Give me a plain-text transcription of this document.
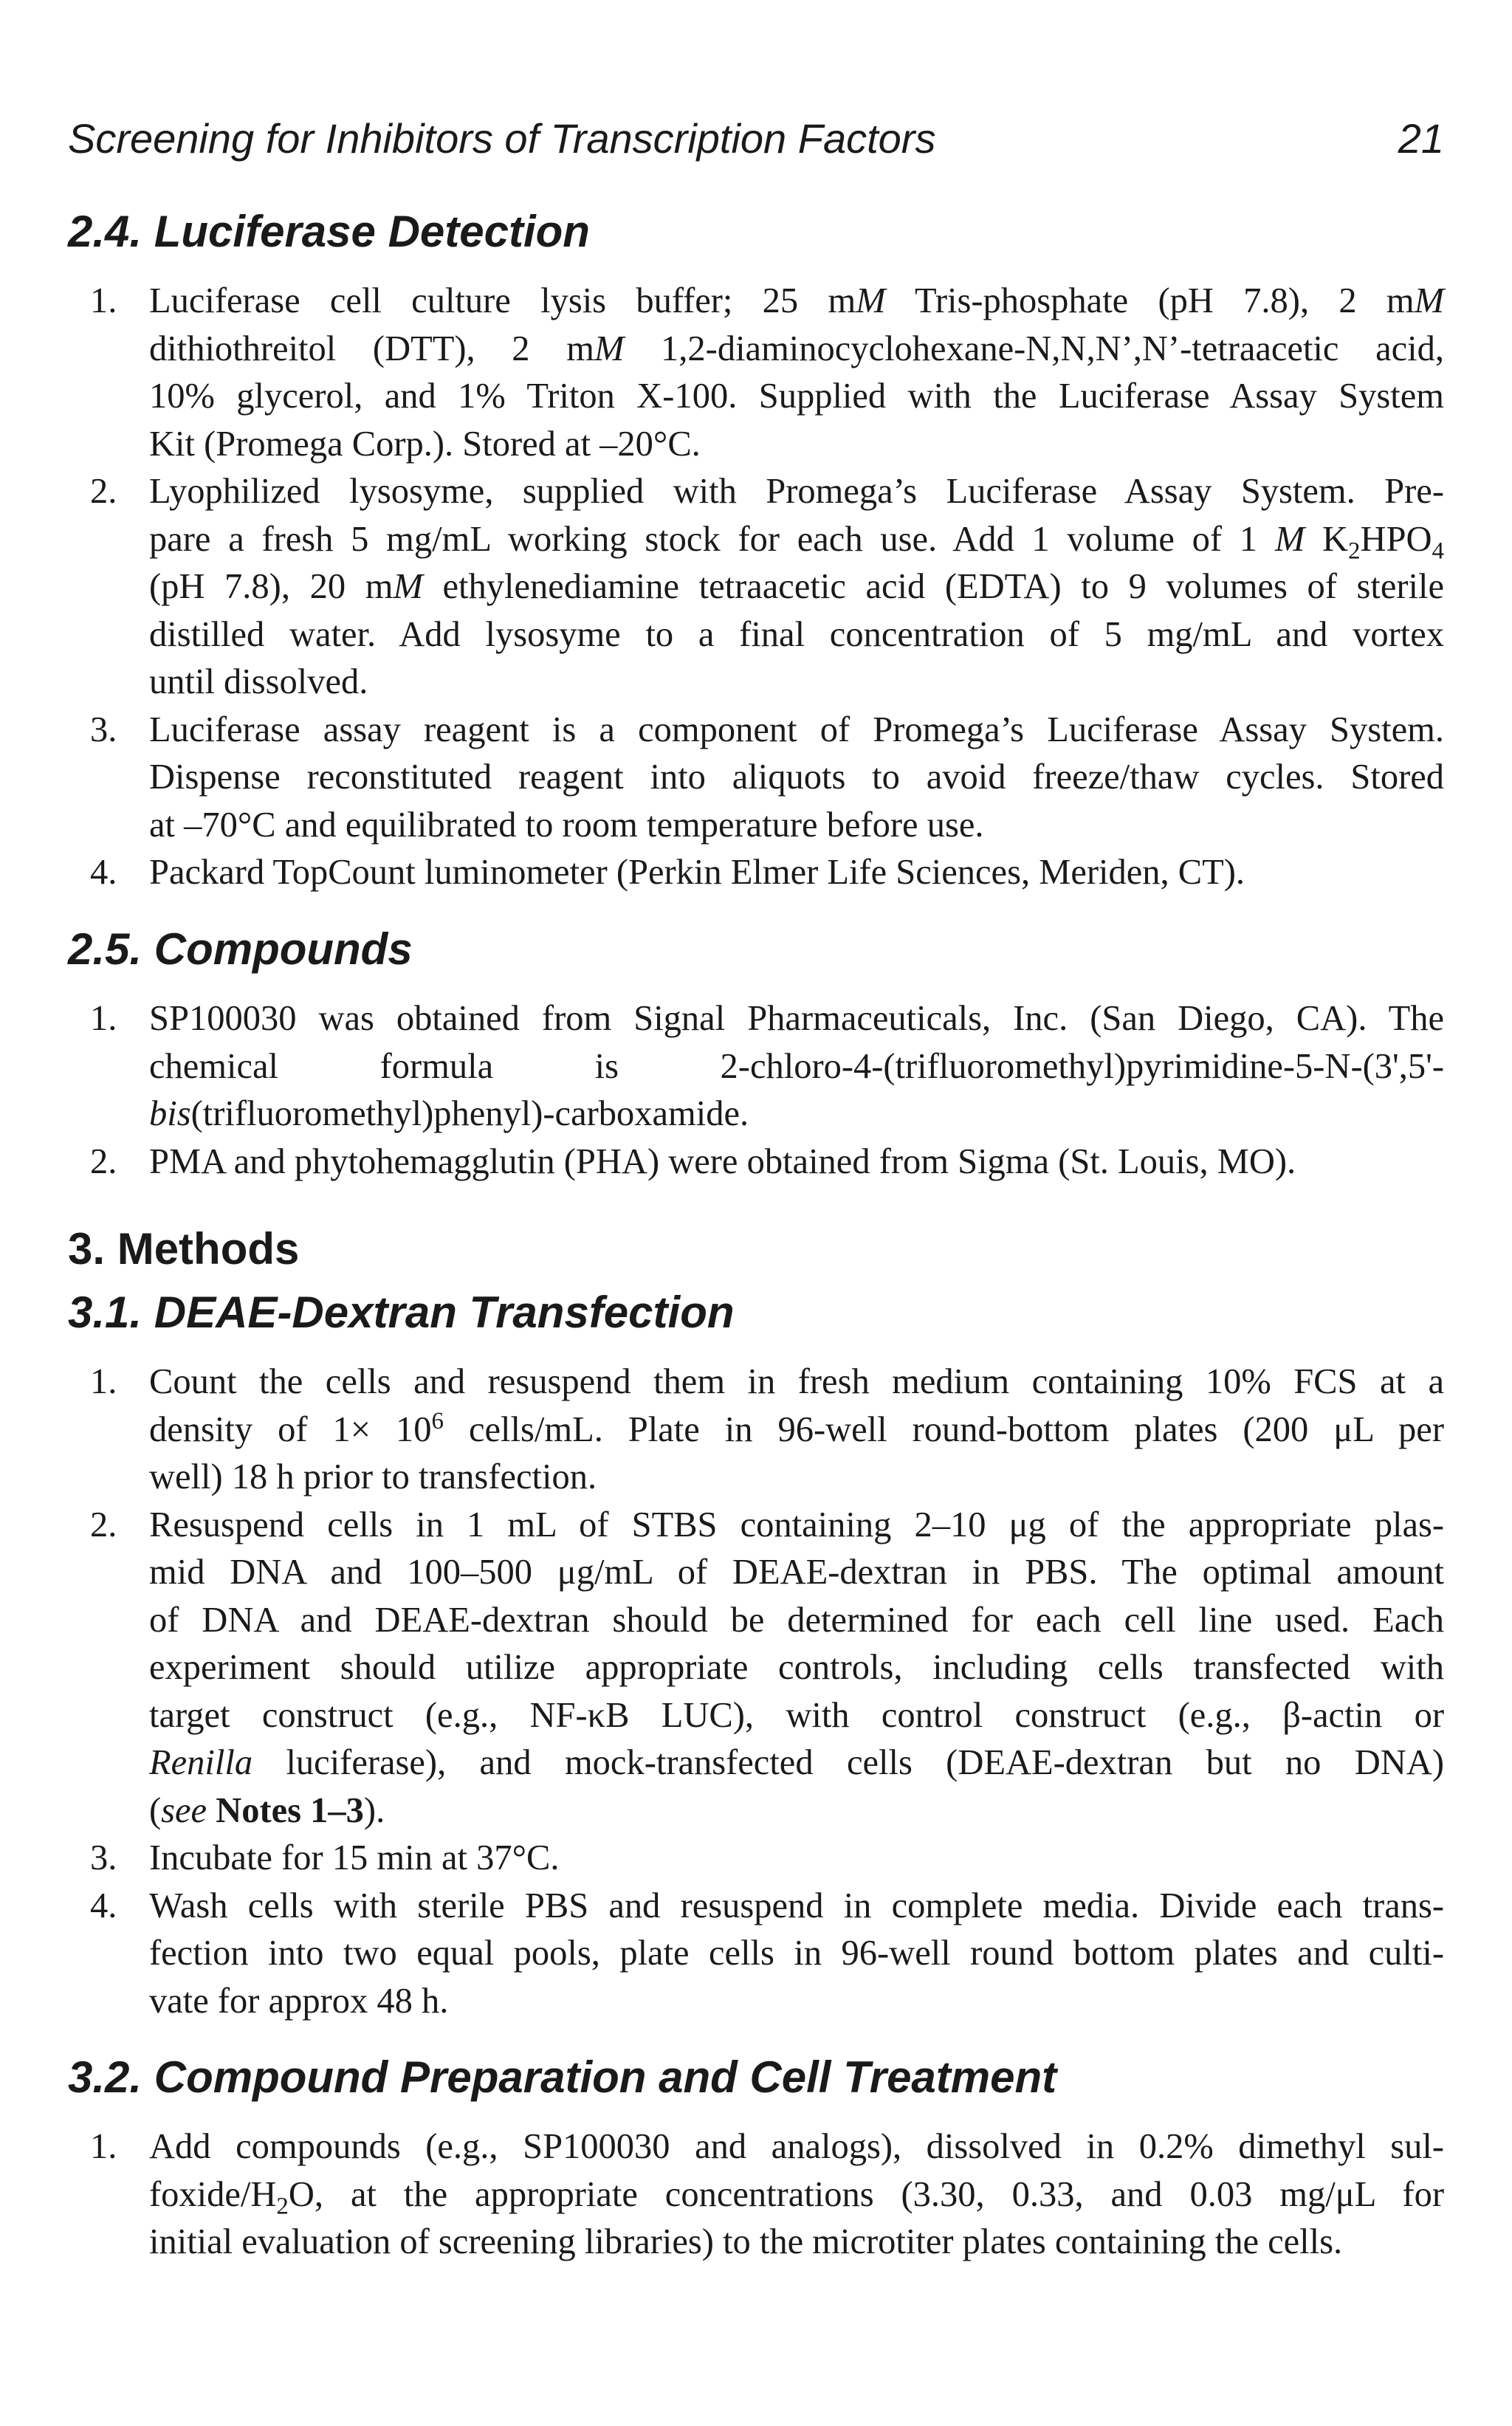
Screening for Inhibitors of Transcription Factors	21
2.4. Luciferase Detection
1. Luciferase cell culture lysis buffer; 25 mM Tris-phosphate (pH 7.8), 2 mM
dithiothreitol (DTT), 2 mM 1,2-diaminocyclohexane-N,N,N’,N’-tetraacetic acid,
10% glycerol, and 1% Triton X-100. Supplied with the Luciferase Assay System
Kit (Promega Corp.). Stored at –20°C.
2. Lyophilized lysosyme, supplied with Promega’s Luciferase Assay System. Pre-
pare a fresh 5 mg/mL working stock for each use. Add 1 volume of 1 M $K_2HPO_4$
(pH 7.8), 20 mM ethylenediamine tetraacetic acid (EDTA) to 9 volumes of sterile
distilled water. Add lysosyme to a final concentration of 5 mg/mL and vortex
until dissolved.
3. Luciferase assay reagent is a component of Promega’s Luciferase Assay System.
Dispense reconstituted reagent into aliquots to avoid freeze/thaw cycles. Stored
at –70°C and equilibrated to room temperature before use.
4. Packard TopCount luminometer (Perkin Elmer Life Sciences, Meriden, CT).
2.5. Compounds
1. SP100030 was obtained from Signal Pharmaceuticals, Inc. (San Diego, CA). The
chemical formula is 2-chloro-4-(trifluoromethyl)pyrimidine-5-N-(3',5'-
bis(trifluoromethyl)phenyl)-carboxamide.
2. PMA and phytohemagglutin (PHA) were obtained from Sigma (St. Louis, MO).
3. Methods
3.1. DEAE-Dextran Transfection
1. Count the cells and resuspend them in fresh medium containing 10% FCS at a
density of $1\times 10^6$ cells/mL. Plate in 96-well round-bottom plates (200 μL per
well) 18 h prior to transfection.
2. Resuspend cells in 1 mL of STBS containing 2–10 μg of the appropriate plas-
mid DNA and 100–500 μg/mL of DEAE-dextran in PBS. The optimal amount
of DNA and DEAE-dextran should be determined for each cell line used. Each
experiment should utilize appropriate controls, including cells transfected with
target construct (e.g., NF-κB LUC), with control construct (e.g., β-actin or
Renilla luciferase), and mock-transfected cells (DEAE-dextran but no DNA)
(see Notes 1–3).
3. Incubate for 15 min at 37°C.
4. Wash cells with sterile PBS and resuspend in complete media. Divide each trans-
fection into two equal pools, plate cells in 96-well round bottom plates and culti-
vate for approx 48 h.
3.2. Compound Preparation and Cell Treatment
1. Add compounds (e.g., SP100030 and analogs), dissolved in 0.2% dimethyl sul-
foxide/$H_2O$, at the appropriate concentrations (3.30, 0.33, and 0.03 mg/μL for
initial evaluation of screening libraries) to the microtiter plates containing the cells.
